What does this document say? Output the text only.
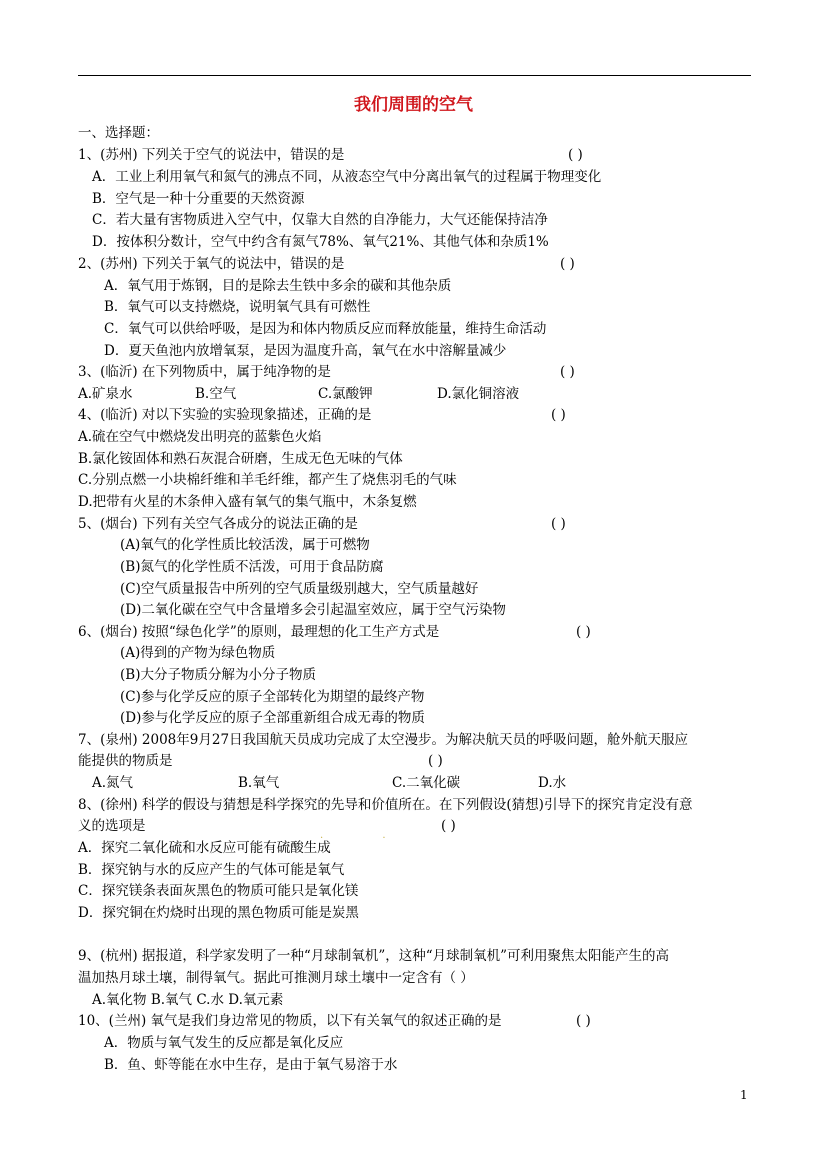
我们周围的空气
一、选择题：
1、(苏州) 下列关于空气的说法中，错误的是	( )
A．工业上利用氧气和氮气的沸点不同，从液态空气中分离出氧气的过程属于物理变化
B．空气是一种十分重要的天然资源
C．若大量有害物质进入空气中，仅靠大自然的自净能力，大气还能保持洁净
D．按体积分数计，空气中约含有氮气78%、氧气21%、其他气体和杂质1%
2、(苏州) 下列关于氧气的说法中，错误的是	( )
A．氧气用于炼钢，目的是除去生铁中多余的碳和其他杂质
B．氧气可以支持燃烧，说明氧气具有可燃性
C．氧气可以供给呼吸，是因为和体内物质反应而释放能量，维持生命活动
D．夏天鱼池内放增氧泵，是因为温度升高，氧气在水中溶解量减少
3、(临沂) 在下列物质中，属于纯净物的是	( )
A.矿泉水	B.空气	C.氯酸钾	D.氯化铜溶液
4、(临沂) 对以下实验的实验现象描述，正确的是	( )
A.硫在空气中燃烧发出明亮的蓝紫色火焰
B.氯化铵固体和熟石灰混合研磨，生成无色无味的气体
C.分别点燃一小块棉纤维和羊毛纤维，都产生了烧焦羽毛的气味
D.把带有火星的木条伸入盛有氧气的集气瓶中，木条复燃
5、(烟台) 下列有关空气各成分的说法正确的是	( )
(A)氧气的化学性质比较活泼，属于可燃物
(B)氮气的化学性质不活泼，可用于食品防腐
(C)空气质量报告中所列的空气质量级别越大，空气质量越好
(D)二氧化碳在空气中含量增多会引起温室效应，属于空气污染物
6、(烟台) 按照“绿色化学”的原则，最理想的化工生产方式是	( )
(A)得到的产物为绿色物质
(B)大分子物质分解为小分子物质
(C)参与化学反应的原子全部转化为期望的最终产物
(D)参与化学反应的原子全部重新组合成无毒的物质
7、(泉州) 2008年9月27日我国航天员成功完成了太空漫步。为解决航天员的呼吸问题，舱外航天服应
能提供的物质是	( )
A.氮气	B.氧气	C.二氧化碳	D.水
8、(徐州) 科学的假设与猜想是科学探究的先导和价值所在。在下列假设(猜想)引导下的探究肯定没有意
义的选项是
. .
( )
A．探究二氧化硫和水反应可能有硫酸生成
B．探究钠与水的反应产生的气体可能是氧气
C．探究镁条表面灰黑色的物质可能只是氧化镁
D．探究铜在灼烧时出现的黑色物质可能是炭黑
9、(杭州) 据报道，科学家发明了一种“月球制氧机”，这种“月球制氧机”可利用聚焦太阳能产生的高
温加热月球土壤，制得氧气。据此可推测月球土壤中一定含有（ ）
A.氧化物 B.氧气 C.水 D.氧元素
10、(兰州) 氧气是我们身边常见的物质，以下有关氧气的叙述正确的是	( )
A．物质与氧气发生的反应都是氧化反应
B．鱼、虾等能在水中生存，是由于氧气易溶于水
1
